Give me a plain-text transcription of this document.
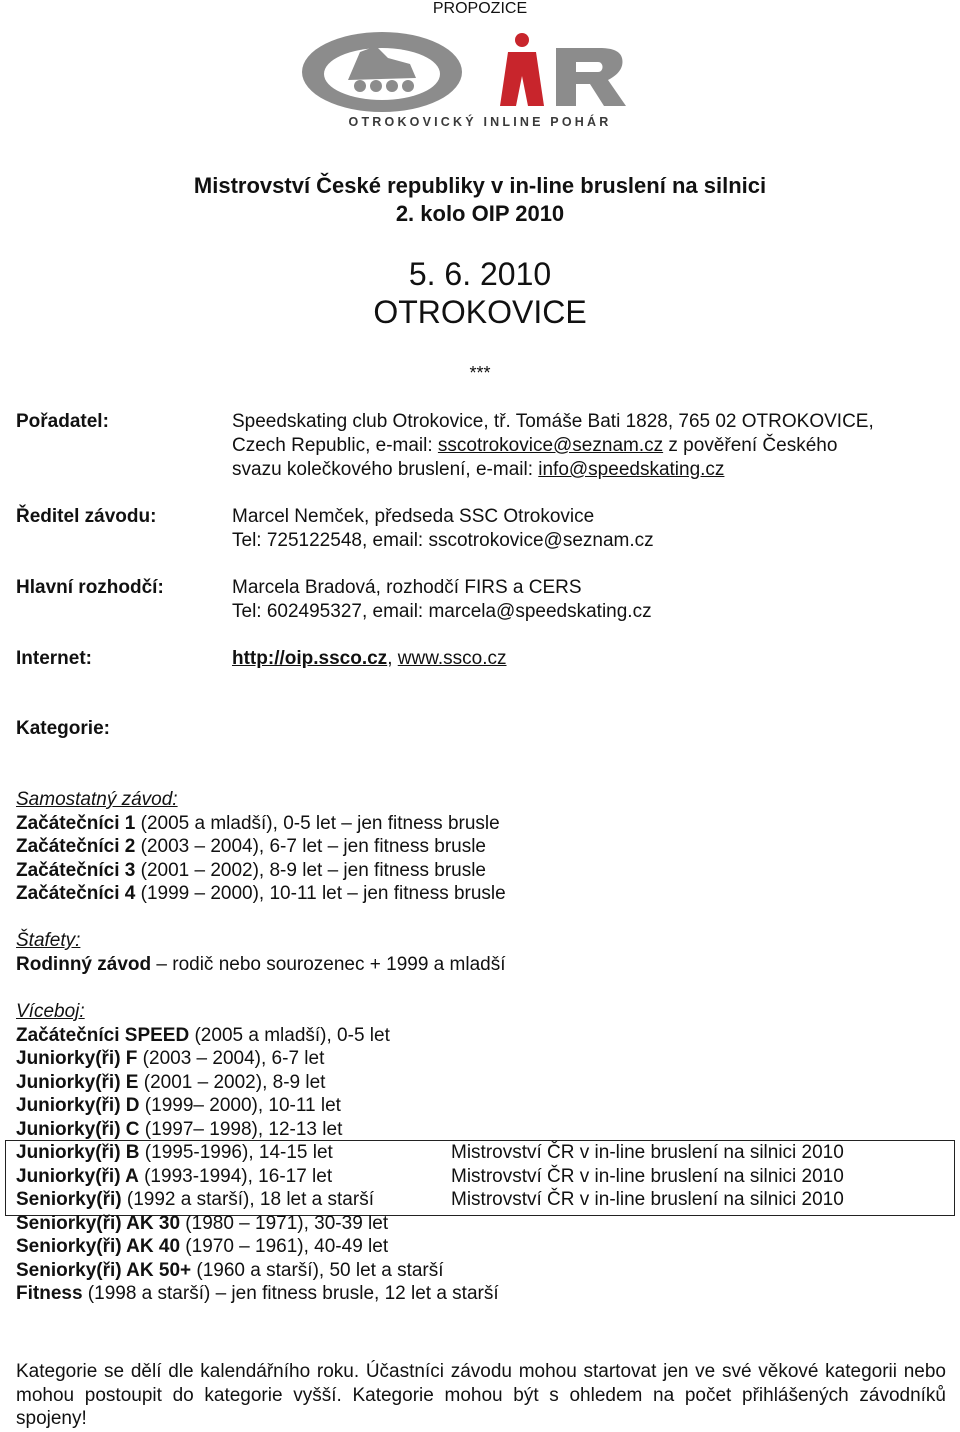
PROPOZICE
OTROKOVICKÝ INLINE POHÁR
Mistrovství České republiky v in-line bruslení na silnici
2. kolo OIP 2010
5. 6. 2010
OTROKOVICE
***
Pořadatel:	Speedskating club Otrokovice, tř. Tomáše Bati 1828, 765 02 OTROKOVICE,
Czech Republic, e-mail: sscotrokovice@seznam.cz z pověření Českého
svazu kolečkového bruslení, e-mail: info@speedskating.cz
Ředitel závodu:	Marcel Nemček, předseda SSC Otrokovice
Tel: 725122548, email: sscotrokovice@seznam.cz
Hlavní rozhodčí:	Marcela Bradová, rozhodčí FIRS a CERS
Tel: 602495327, email: marcela@speedskating.cz
Internet:	http://oip.ssco.cz, www.ssco.cz
Kategorie:
Samostatný závod:
Začátečníci 1 (2005 a mladší), 0-5 let – jen fitness brusle
Začátečníci 2 (2003 – 2004), 6-7 let – jen fitness brusle
Začátečníci 3 (2001 – 2002), 8-9 let – jen fitness brusle
Začátečníci 4 (1999 – 2000), 10-11 let – jen fitness brusle
Štafety:
Rodinný závod – rodič nebo sourozenec + 1999 a mladší
Víceboj:
Začátečníci SPEED (2005 a mladší), 0-5 let
Juniorky(ři) F (2003 – 2004), 6-7 let
Juniorky(ři) E (2001 – 2002), 8-9 let
Juniorky(ři) D (1999– 2000), 10-11 let
Juniorky(ři) C (1997– 1998), 12-13 let
Juniorky(ři) B (1995-1996), 14-15 let	Mistrovství ČR v in-line bruslení na silnici 2010
Juniorky(ři) A (1993-1994), 16-17 let	Mistrovství ČR v in-line bruslení na silnici 2010
Seniorky(ři) (1992 a starší), 18 let a starší	Mistrovství ČR v in-line bruslení na silnici 2010
Seniorky(ři) AK 30 (1980 – 1971), 30-39 let
Seniorky(ři) AK 40 (1970 – 1961), 40-49 let
Seniorky(ři) AK 50+ (1960 a starší), 50 let a starší
Fitness (1998 a starší) – jen fitness brusle, 12 let a starší
Kategorie se dělí dle kalendářního roku. Účastníci závodu mohou startovat jen ve své věkové kategorii nebo mohou postoupit do kategorie vyšší. Kategorie mohou být s ohledem na počet přihlášených závodníků spojeny!
